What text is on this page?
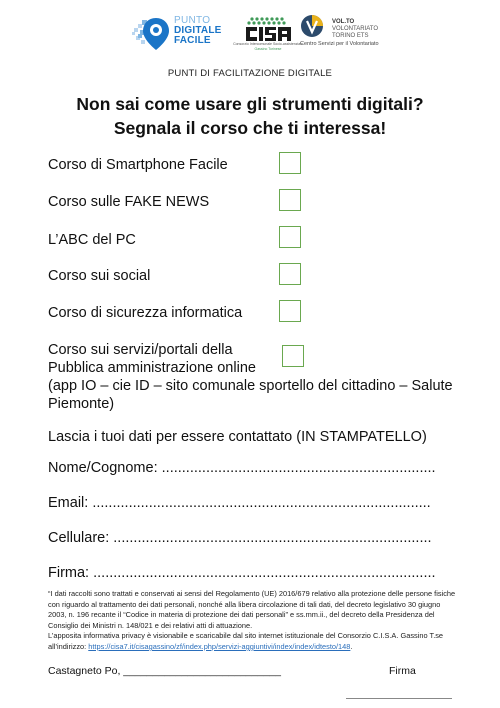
PUNTO
DIGITALE
FACILE	Consorzio Intercomunale Socio-assistenziale
Gassino Torinese
VOL.TO
VOLONTARIATO
TORINO ETS
Centro Servizi per il Volontariato
PUNTI DI FACILITAZIONE DIGITALE
Non sai come usare gli strumenti digitali?
Segnala il corso che ti interessa!
Corso di Smartphone Facile
Corso sulle FAKE NEWS
L’ABC del PC
Corso sui social
Corso di sicurezza informatica
Corso sui servizi/portali della
Pubblica amministrazione online
(app IO – cie ID – sito comunale sportello del cittadino – Salute
Piemonte)
Lascia i tuoi dati per essere contattato (IN STAMPATELLO)
Nome/Cognome: ....................................................................
Email: ....................................................................................
Cellulare: ...............................................................................
Firma: .....................................................................................
“I dati raccolti sono trattati e conservati ai sensi del Regolamento (UE) 2016/679 relativo alla protezione delle persone fisiche con riguardo al trattamento dei dati personali, nonché alla libera circolazione di tali dati, del decreto legislativo 30 giugno 2003, n. 196 recante il “Codice in materia di protezione dei dati personali” e ss.mm.ii., del decreto della Presidenza del Consiglio dei Ministri n. 148/021 e dei relativi atti di attuazione.
L’apposita informativa privacy è visionabile e scaricabile dal sito internet istituzionale del Consorzio C.I.S.A. Gassino T.se all’indirizzo: https://cisa7.it/cisagassino/zf/index.php/servizi-aggiuntivi/index/index/idtesto/148.
Castagneto Po, ___________________________	Firma
